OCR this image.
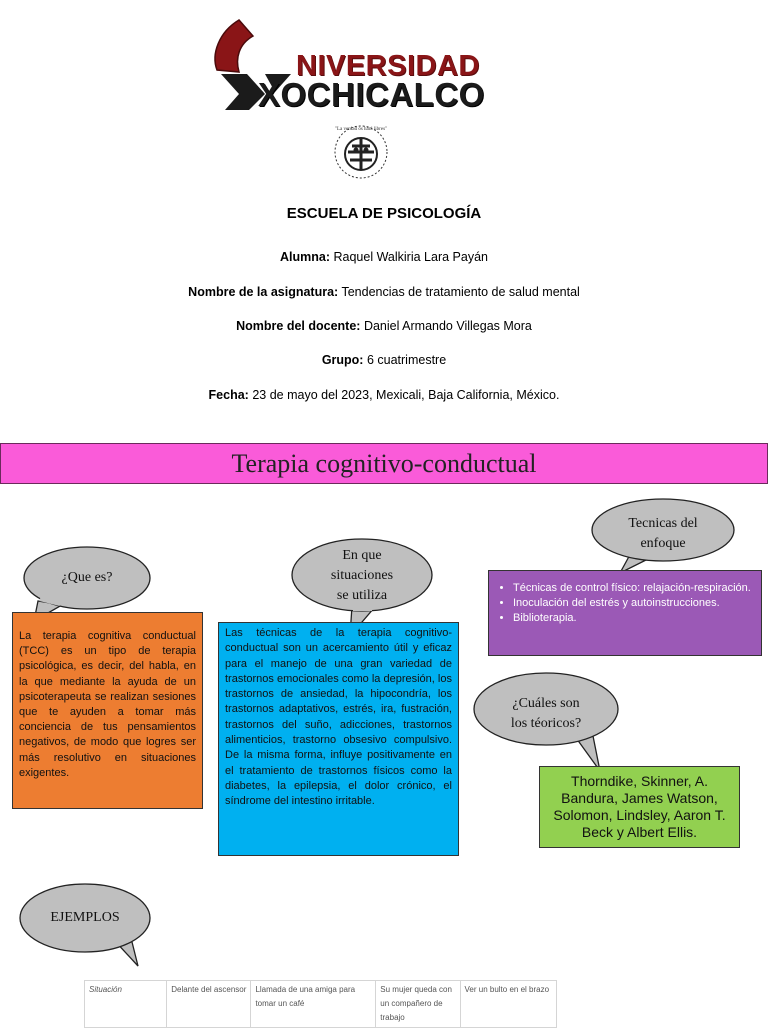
NIVERSIDAD
XOCHICALCO
"La verdad os hará libres"
ESCUELA DE PSICOLOGÍA
Alumna: Raquel Walkiria Lara Payán
Nombre de la asignatura: Tendencias de tratamiento de salud mental
Nombre del docente: Daniel Armando Villegas Mora
Grupo: 6 cuatrimestre
Fecha: 23 de mayo del 2023, Mexicali, Baja California, México.
Terapia cognitivo-conductual
¿Que es?
En que
situaciones
se utiliza
Tecnicas del
enfoque
¿Cuáles son
los téoricos?
EJEMPLOS
La terapia cognitiva conductual (TCC) es un tipo de terapia psicológica, es decir, del habla, en la que mediante la ayuda de un psicoterapeuta se realizan sesiones que te ayuden a tomar más conciencia de tus pensamientos negativos, de modo que logres ser más resolutivo en situaciones exigentes.
Las técnicas de la terapia cognitivo-conductual son un acercamiento útil y eficaz para el manejo de una gran variedad de trastornos emocionales como la depresión, los trastornos de ansiedad, la hipocondría, los trastornos adaptativos, estrés, ira, fustración, trastornos del suño, adicciones, trastornos alimenticios, trastorno obsesivo compulsivo. De la misma forma, influye positivamente en el tratamiento de trastornos físicos como la diabetes, la epilepsia, el dolor crónico, el síndrome del intestino irritable.
• Técnicas de control físico: relajación-respiración.
• Inoculación del estrés y autoinstrucciones.
• Biblioterapia.
Thorndike, Skinner, A. Bandura, James Watson, Solomon, Lindsley, Aaron T. Beck y Albert Ellis.
Situación	Delante del ascensor	Llamada de una amiga para tomar un café	Su mujer queda con un compañero de trabajo	Ver un bulto en el brazo
